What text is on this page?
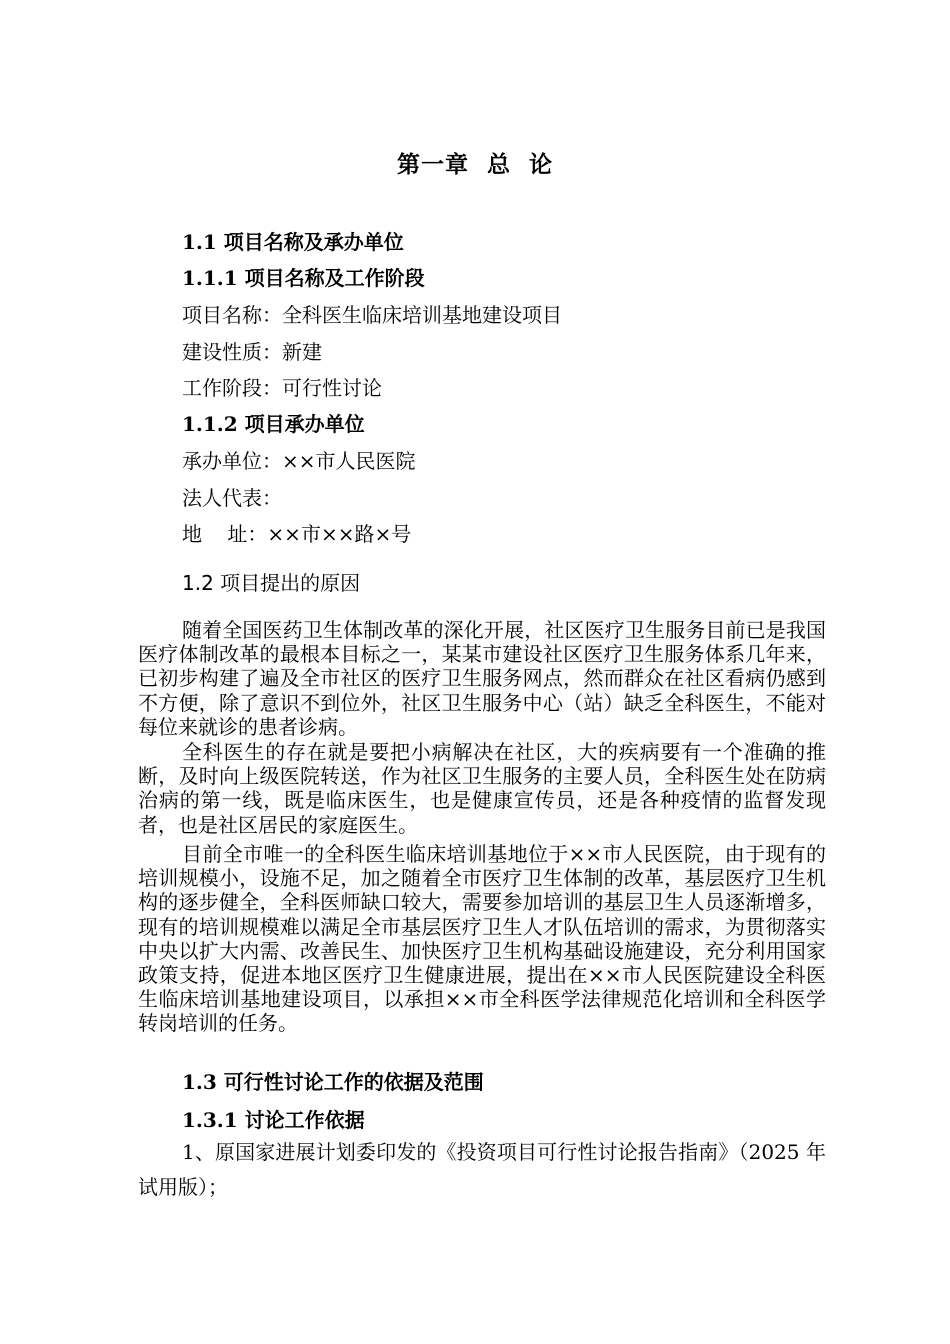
第一章  总  论
1.1 项目名称及承办单位
1.1.1 项目名称及工作阶段
项目名称：全科医生临床培训基地建设项目
建设性质：新建
工作阶段：可行性讨论
1.1.2 项目承办单位
承办单位：××市人民医院
法人代表：
地    址：××市××路×号
1.2 项目提出的原因

随着全国医药卫生体制改革的深化开展，社区医疗卫生服务目前已是我国医疗体制改革的最根本目标之一，某某市建设社区医疗卫生服务体系几年来，已初步构建了遍及全市社区的医疗卫生服务网点，然而群众在社区看病仍感到不方便，除了意识不到位外，社区卫生服务中心（站）缺乏全科医生，不能对每位来就诊的患者诊病。

全科医生的存在就是要把小病解决在社区，大的疾病要有一个准确的推断，及时向上级医院转送，作为社区卫生服务的主要人员，全科医生处在防病治病的第一线，既是临床医生，也是健康宣传员，还是各种疫情的监督发现者，也是社区居民的家庭医生。

目前全市唯一的全科医生临床培训基地位于××市人民医院，由于现有的培训规模小，设施不足，加之随着全市医疗卫生体制的改革，基层医疗卫生机构的逐步健全，全科医师缺口较大，需要参加培训的基层卫生人员逐渐增多，现有的培训规模难以满足全市基层医疗卫生人才队伍培训的需求，为贯彻落实中央以扩大内需、改善民生、加快医疗卫生机构基础设施建设，充分利用国家政策支持，促进本地区医疗卫生健康进展，提出在××市人民医院建设全科医生临床培训基地建设项目，以承担××市全科医学法律规范化培训和全科医学转岗培训的任务。

1.3 可行性讨论工作的依据及范围
1.3.1 讨论工作依据

1、原国家进展计划委印发的《投资项目可行性讨论报告指南》（2025 年试用版）；
